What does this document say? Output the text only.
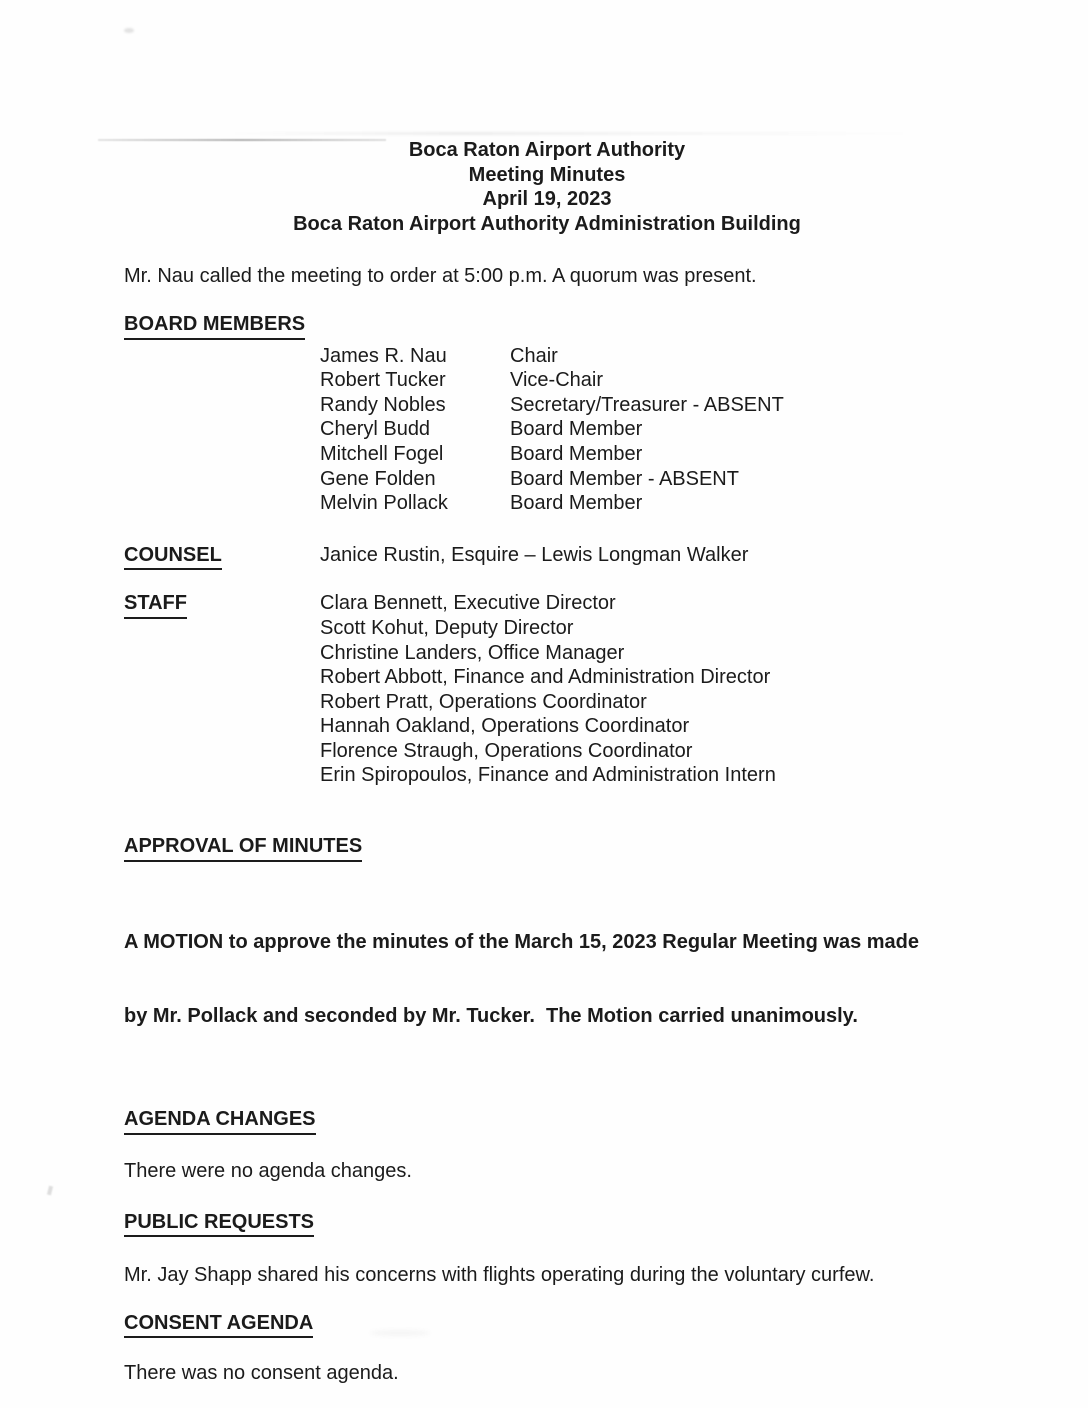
Boca Raton Airport Authority
Meeting Minutes
April 19, 2023
Boca Raton Airport Authority Administration Building

Mr. Nau called the meeting to order at 5:00 p.m. A quorum was present.

BOARD MEMBERS
James R. Nau	Chair
Robert Tucker	Vice-Chair
Randy Nobles	Secretary/Treasurer - ABSENT
Cheryl Budd	Board Member
Mitchell Fogel	Board Member
Gene Folden	Board Member - ABSENT
Melvin Pollack	Board Member
COUNSEL	Janice Rustin, Esquire – Lewis Longman Walker
STAFF	Clara Bennett, Executive Director
Scott Kohut, Deputy Director
Christine Landers, Office Manager
Robert Abbott, Finance and Administration Director
Robert Pratt, Operations Coordinator
Hannah Oakland, Operations Coordinator
Florence Straugh, Operations Coordinator
Erin Spiropoulos, Finance and Administration Intern
APPROVAL OF MINUTES

A MOTION to approve the minutes of the March 15, 2023 Regular Meeting was made

by Mr. Pollack and seconded by Mr. Tucker.  The Motion carried unanimously.

AGENDA CHANGES

There were no agenda changes.

PUBLIC REQUESTS

Mr. Jay Shapp shared his concerns with flights operating during the voluntary curfew.

CONSENT AGENDA

There was no consent agenda.
